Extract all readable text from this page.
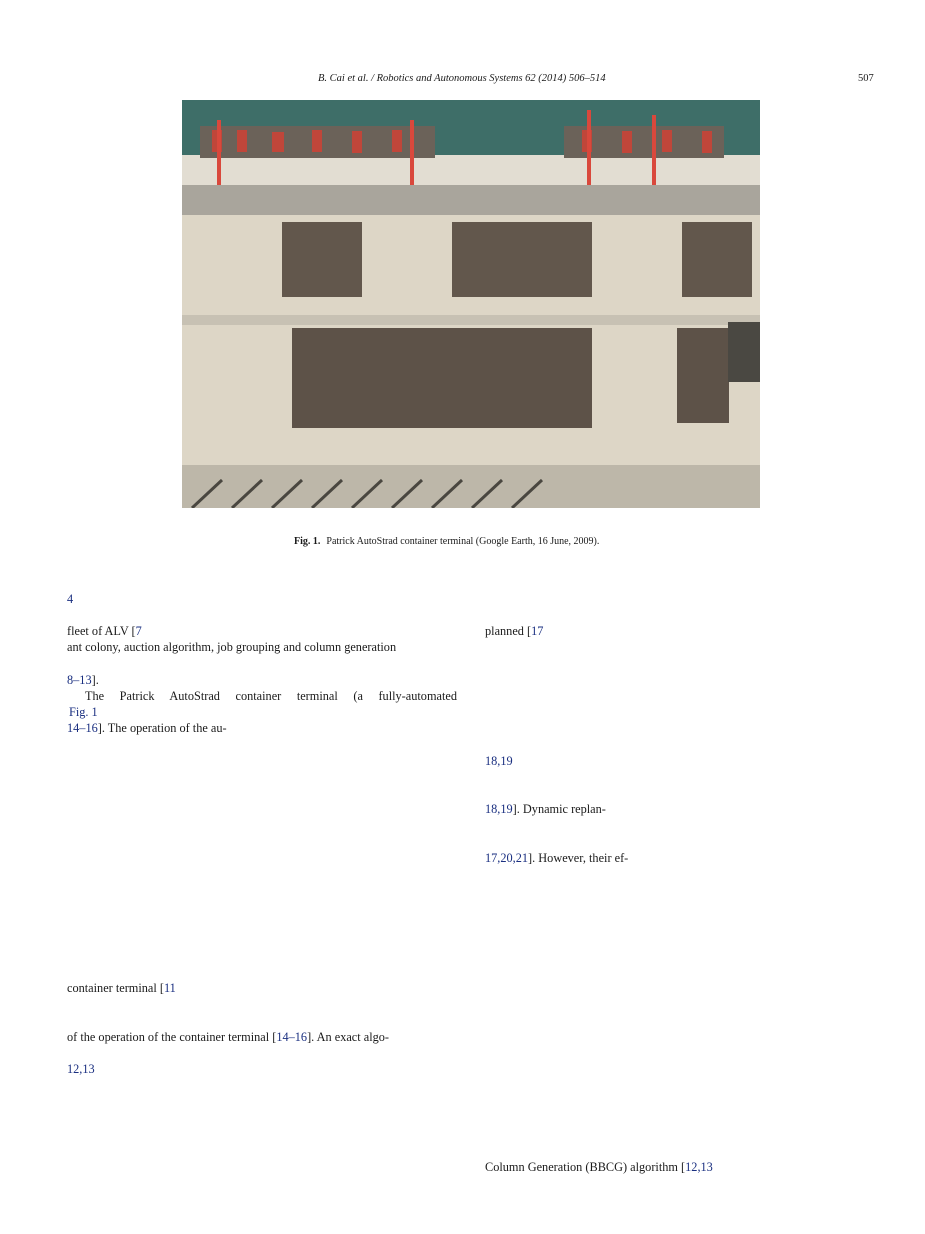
B. Cai et al. / Robotics and Autonomous Systems 62 (2014) 506–514	507
Fig. 1. Patrick AutoStrad container terminal (Google Earth, 16 June, 2009).
4
fleet of ALV [7
ant colony, auction algorithm, job grouping and column generation
8–13].
The Patrick AutoStrad container terminal (a fully-automated
Fig. 1
14–16]. The operation of the au-
container terminal [11
of the operation of the container terminal [14–16]. An exact algo-
12,13
planned [17
18,19
18,19]. Dynamic replan-
17,20,21]. However, their ef-
Column Generation (BBCG) algorithm [12,13
